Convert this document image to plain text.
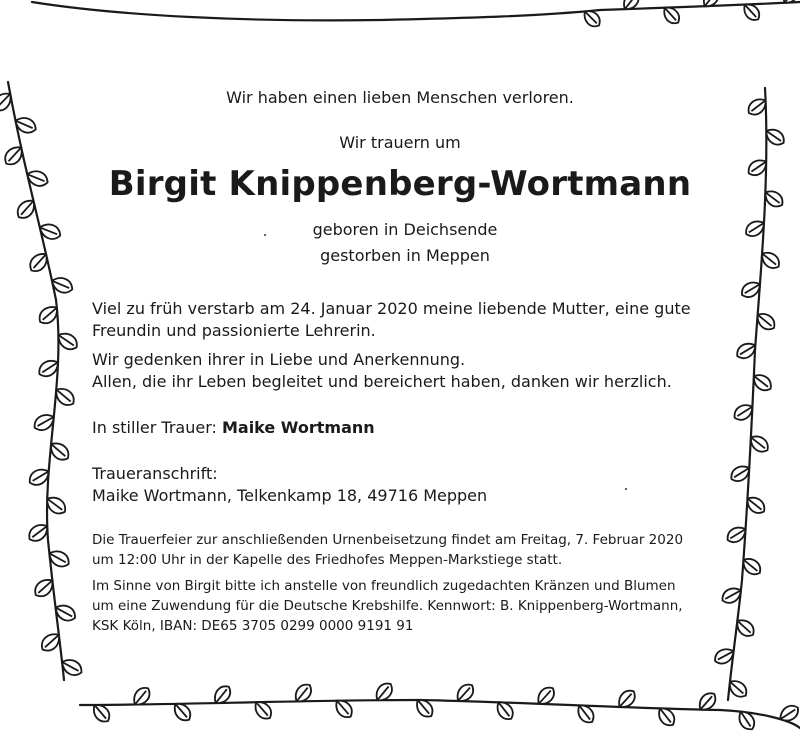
Wir haben einen lieben Menschen verloren.
Wir trauern um
Birgit Knippenberg-Wortmann
geboren in Deichsende
gestorben in Meppen
Viel zu früh verstarb am 24. Januar 2020 meine liebende Mutter, eine gute
Freundin und passionierte Lehrerin.
Wir gedenken ihrer in Liebe und Anerkennung.
Allen, die ihr Leben begleitet und bereichert haben, danken wir herzlich.
In stiller Trauer: Maike Wortmann
Traueranschrift:
Maike Wortmann, Telkenkamp 18, 49716 Meppen
Die Trauerfeier zur anschließenden Urnenbeisetzung findet am Freitag, 7. Februar 2020
um 12:00 Uhr in der Kapelle des Friedhofes Meppen-Markstiege statt.
Im Sinne von Birgit bitte ich anstelle von freundlich zugedachten Kränzen und Blumen
um eine Zuwendung für die Deutsche Krebshilfe. Kennwort: B. Knippenberg-Wortmann,
KSK Köln, IBAN: DE65 3705 0299 0000 9191 91
